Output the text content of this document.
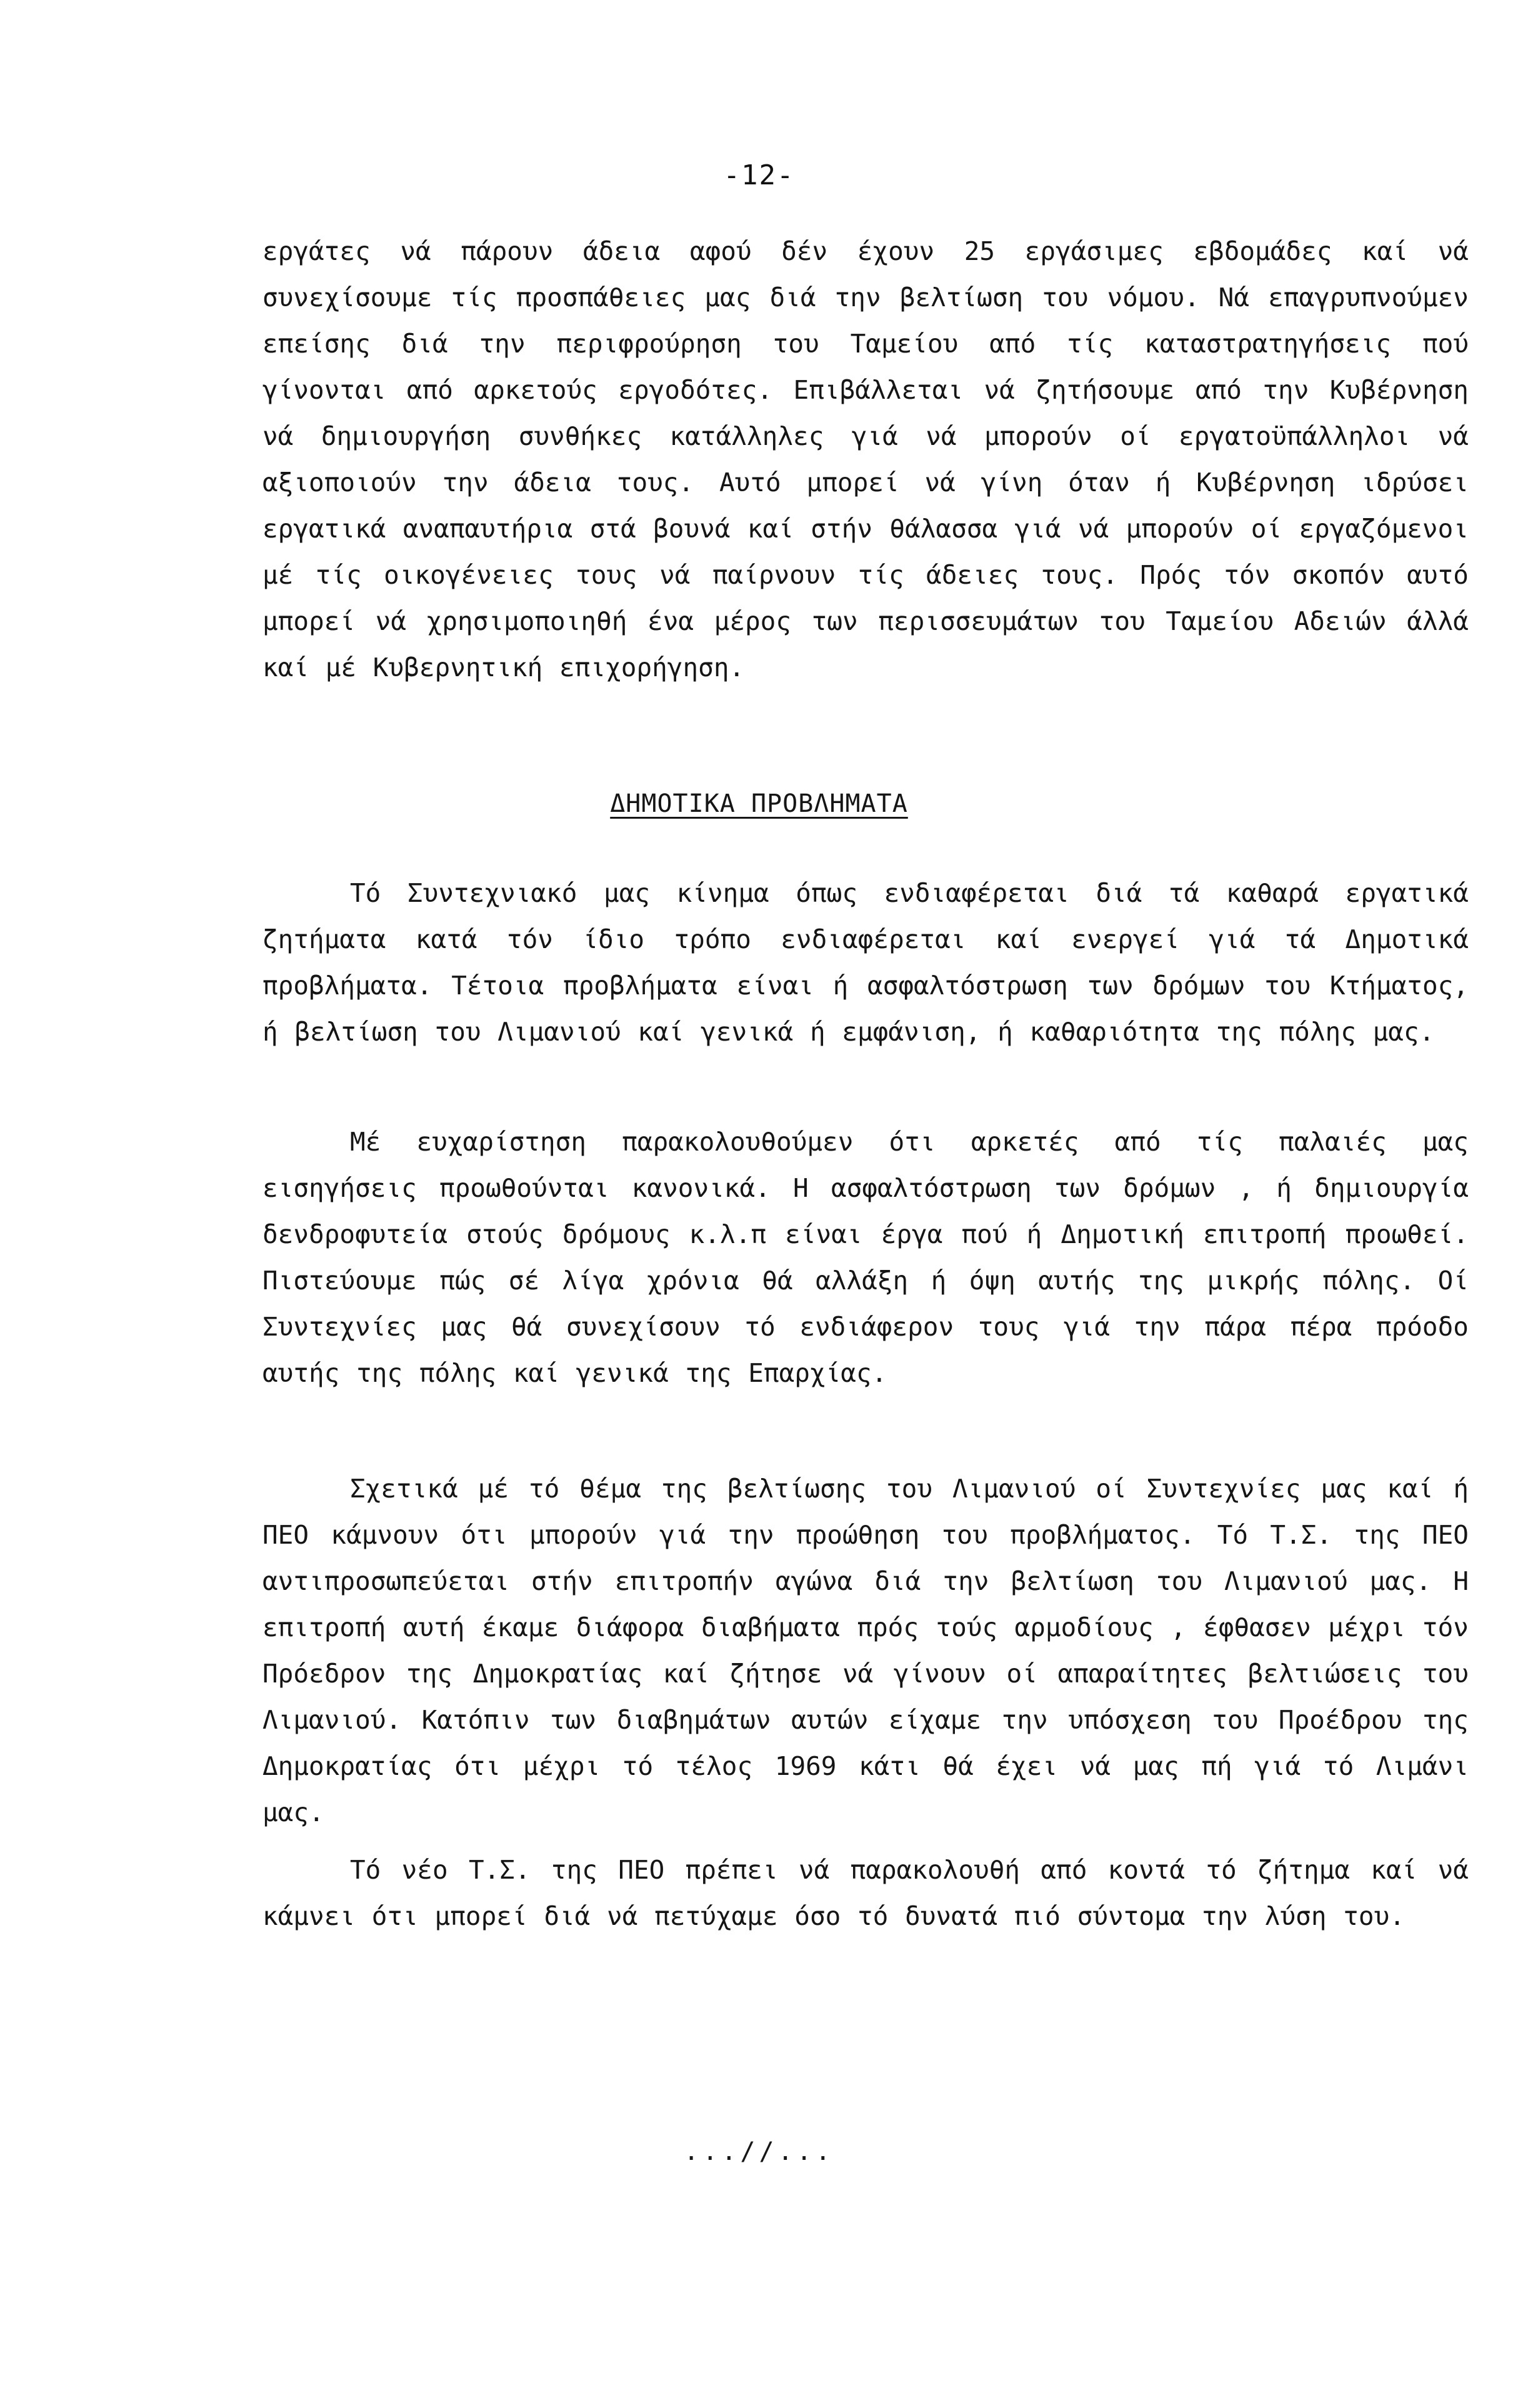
-12-

εργάτες νά πάρουν άδεια αφού δέν έχουν 25 εργάσιμες εβδομάδες καί νά συνεχίσουμε τίς προσπάθειες μας διά την βελτίωση του νόμου. Νά επαγρυπνούμεν επείσης διά την περιφρούρηση του Ταμείου από τίς καταστρατηγήσεις πού γίνονται από αρκετούς εργοδότες. Επιβάλλεται νά ζητήσουμε από την Κυβέρνηση νά δημιουργήση συνθήκες κατάλληλες γιά νά μπορούν οί εργατοϋπάλληλοι νά αξιοποιούν την άδεια τους. Αυτό μπορεί νά γίνη όταν ή Κυβέρνηση ιδρύσει εργατικά αναπαυτήρια στά βουνά καί στήν θάλασσα γιά νά μπορούν οί εργαζόμενοι μέ τίς οικογένειες τους νά παίρνουν τίς άδειες τους. Πρός τόν σκοπόν αυτό μπορεί νά χρησιμοποιηθή ένα μέρος των περισσευμάτων του Ταμείου Αδειών άλλά καί μέ Κυβερνητική επιχορήγηση.

ΔΗΜΟΤΙΚΑ ΠΡΟΒΛΗΜΑΤΑ

Τό Συντεχνιακό μας κίνημα όπως ενδιαφέρεται διά τά καθαρά εργατικά ζητήματα κατά τόν ίδιο τρόπο ενδιαφέρεται καί ενεργεί γιά τά Δημοτικά προβλήματα. Τέτοια προβλήματα είναι ή ασφαλτόστρωση των δρόμων του Κτήματος, ή βελτίωση του Λιμανιού καί γενικά ή εμφάνιση, ή καθαριότητα της πόλης μας.

Μέ ευχαρίστηση παρακολουθούμεν ότι αρκετές από τίς παλαιές μας εισηγήσεις προωθούνται κανονικά. Η ασφαλτόστρωση των δρόμων , ή δημιουργία δενδροφυτεία στούς δρόμους κ.λ.π είναι έργα πού ή Δημοτική επιτροπή προωθεί. Πιστεύουμε πώς σέ λίγα χρόνια θά αλλάξη ή όψη αυτής της μικρής πόλης. Οί Συντεχνίες μας θά συνεχίσουν τό ενδιάφερον τους γιά την πάρα πέρα πρόοδο αυτής της πόλης καί γενικά της Επαρχίας.

Σχετικά μέ τό θέμα της βελτίωσης του Λιμανιού οί Συντεχνίες μας καί ή ΠΕΟ κάμνουν ότι μπορούν γιά την προώθηση του προβλήματος. Τό Τ.Σ. της ΠΕΟ αντιπροσωπεύεται στήν επιτροπήν αγώνα διά την βελτίωση του Λιμανιού μας. Η επιτροπή αυτή έκαμε διάφορα διαβήματα πρός τούς αρμοδίους , έφθασεν μέχρι τόν Πρόεδρον της Δημοκρατίας καί ζήτησε νά γίνουν οί απαραίτητες βελτιώσεις του Λιμανιού. Κατόπιν των διαβημάτων αυτών είχαμε την υπόσχεση του Προέδρου της Δημοκρατίας ότι μέχρι τό τέλος 1969 κάτι θά έχει νά μας πή γιά τό Λιμάνι μας.

Τό νέο Τ.Σ. της ΠΕΟ πρέπει νά παρακολουθή από κοντά τό ζήτημα καί νά κάμνει ότι μπορεί διά νά πετύχαμε όσο τό δυνατά πιό σύντομα την λύση του.

...//...
